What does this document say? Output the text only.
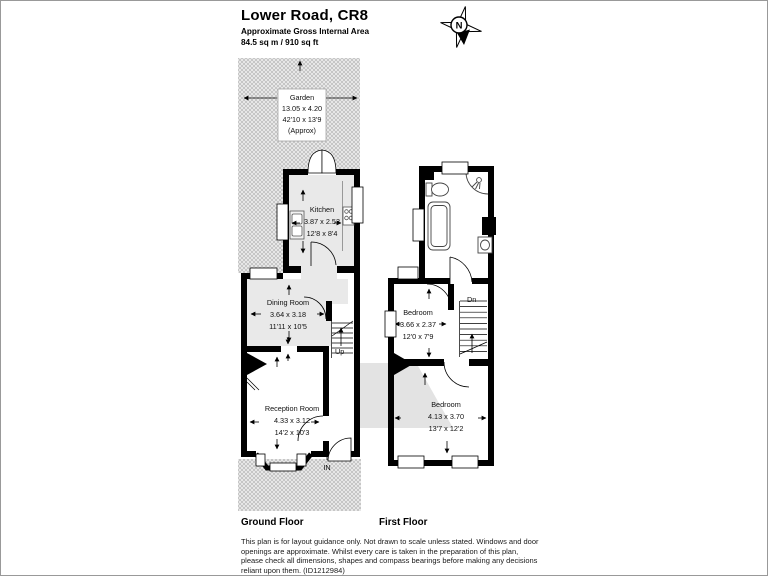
Lower Road, CR8
Approximate Gross Internal Area
84.5 sq m / 910 sq ft
N
Garden
13.05 x 4.20
42'10 x 13'9
(Approx)
Kitchen
3.87 x 2.53
12'8 x 8'4
Dining Room
3.64 x 3.18
11'11 x 10'5
Reception Room
4.33 x 3.12
14'2 x 10'3
Up
IN
Bedroom
3.66 x 2.37
12'0 x 7'9
Bedroom
4.13 x 3.70
13'7 x 12'2
Dn
Ground Floor	First Floor
This plan is for layout guidance only. Not drawn to scale unless stated. Windows and door openings are approximate. Whilst every care is taken in the preparation of this plan, please check all dimensions, shapes and compass bearings before making any decisions reliant upon them. (ID1212984)
